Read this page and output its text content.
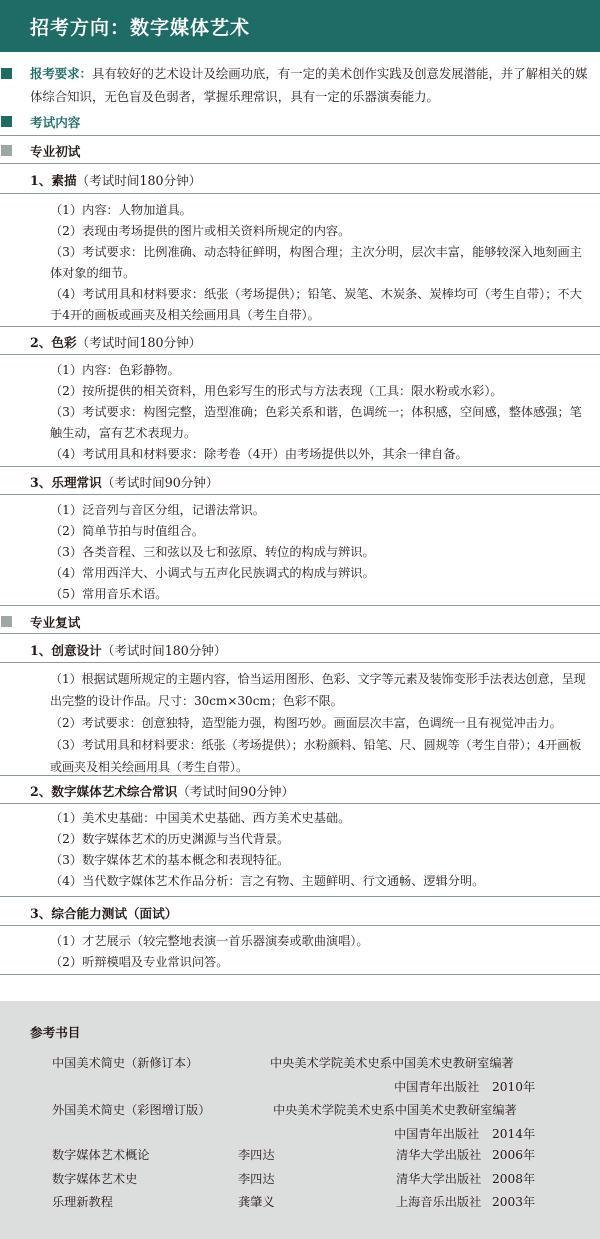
招考方向：数字媒体艺术
报考要求：具有较好的艺术设计及绘画功底，有一定的美术创作实践及创意发展潜能，并了解相关的媒体综合知识，无色盲及色弱者，掌握乐理常识，具有一定的乐器演奏能力。
考试内容
专业初试
1、素描（考试时间180分钟）

（1）内容：人物加道具。

（2）表现由考场提供的图片或相关资料所规定的内容。

（3）考试要求：比例准确、动态特征鲜明，构图合理；主次分明，层次丰富，能够较深入地刻画主体对象的细节。

（4）考试用具和材料要求：纸张（考场提供）；铅笔、炭笔、木炭条、炭棒均可（考生自带）；不大于4开的画板或画夹及相关绘画用具（考生自带）。

2、色彩（考试时间180分钟）

（1）内容：色彩静物。

（2）按所提供的相关资料，用色彩写生的形式与方法表现（工具：限水粉或水彩）。

（3）考试要求：构图完整，造型准确；色彩关系和谐，色调统一；体积感，空间感，整体感强；笔触生动，富有艺术表现力。

（4）考试用具和材料要求：除考卷（4开）由考场提供以外，其余一律自备。

3、乐理常识（考试时间90分钟）

（1）泛音列与音区分组，记谱法常识。

（2）简单节拍与时值组合。

（3）各类音程、三和弦以及七和弦原、转位的构成与辨识。

（4）常用西洋大、小调式与五声化民族调式的构成与辨识。

（5）常用音乐术语。

专业复试
1、创意设计（考试时间180分钟）

（1）根据试题所规定的主题内容，恰当运用图形、色彩、文字等元素及装饰变形手法表达创意，呈现出完整的设计作品。尺寸：30cm×30cm；色彩不限。

（2）考试要求：创意独特，造型能力强，构图巧妙。画面层次丰富，色调统一且有视觉冲击力。

（3）考试用具和材料要求：纸张（考场提供）；水粉颜料、铅笔、尺、圆规等（考生自带）；4开画板或画夹及相关绘画用具（考生自带）。

2、数字媒体艺术综合常识（考试时间90分钟）

（1）美术史基础：中国美术史基础、西方美术史基础。

（2）数字媒体艺术的历史渊源与当代背景。

（3）数字媒体艺术的基本概念和表现特征。

（4）当代数字媒体艺术作品分析：言之有物、主题鲜明、行文通畅、逻辑分明。

3、综合能力测试（面试）

（1）才艺展示（较完整地表演一首乐器演奏或歌曲演唱）。

（2）听辩模唱及专业常识问答。

参考书目
中国美术简史（新修订本）	中央美术学院美术史系中国美术史教研室编著
中国青年出版社 2010年
外国美术简史（彩图增订版）	中央美术学院美术史系中国美术史教研室编著
中国青年出版社 2014年
数字媒体艺术概论	李四达	清华大学出版社 2006年
数字媒体艺术史	李四达	清华大学出版社 2008年
乐理新教程	龚肇义	上海音乐出版社 2003年
